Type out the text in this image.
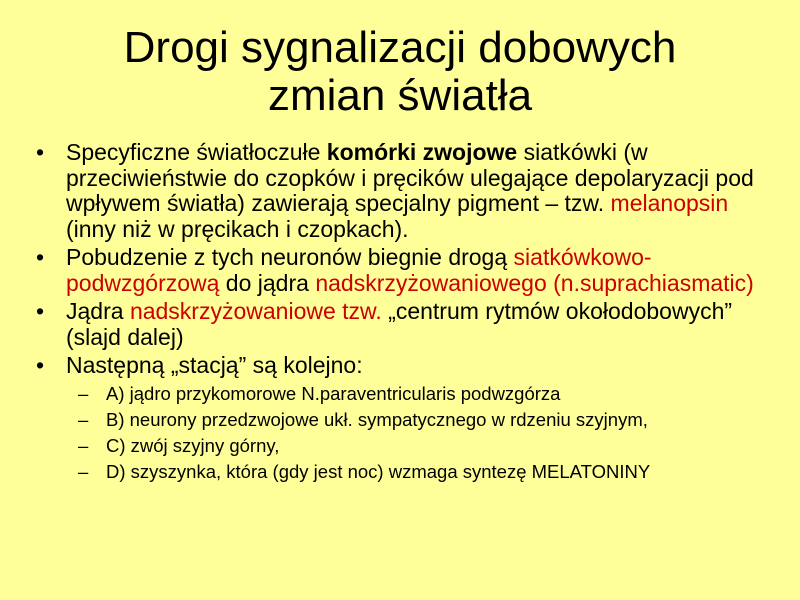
Drogi sygnalizacji dobowych
zmian światła
• Specyficzne światłoczułe komórki zwojowe siatkówki (w przeciwieństwie do czopków i pręcików ulegające depolaryzacji pod wpływem światła) zawierają specjalny pigment – tzw. melanopsin (inny niż w pręcikach i czopkach).
• Pobudzenie z tych neuronów biegnie drogą siatkówkowo-podwzgórzową do jądra nadskrzyżowaniowego (n.suprachiasmatic)
• Jądra nadskrzyżowaniowe tzw. „centrum rytmów okołodobowych” (slajd dalej)
• Następną „stacją” są kolejno:
– A) jądro przykomorowe N.paraventricularis podwzgórza
– B) neurony przedzwojowe ukł. sympatycznego w rdzeniu szyjnym,
– C) zwój szyjny górny,
– D) szyszynka, która (gdy jest noc) wzmaga syntezę MELATONINY
